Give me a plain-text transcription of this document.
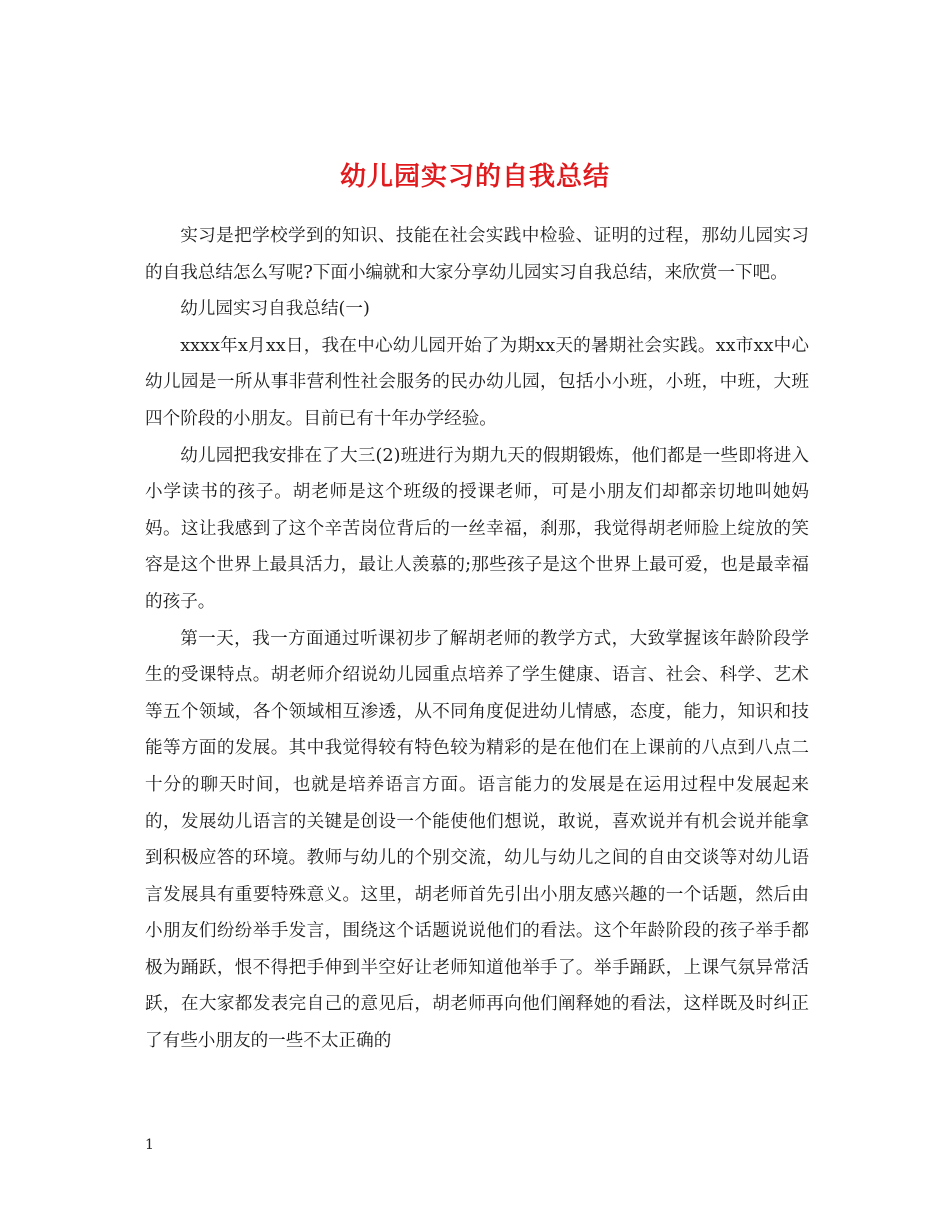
幼儿园实习的自我总结

实习是把学校学到的知识、技能在社会实践中检验、证明的过程，那幼儿园实习的自我总结怎么写呢?下面小编就和大家分享幼儿园实习自我总结，来欣赏一下吧。

幼儿园实习自我总结(一)

xxxx年x月xx日，我在中心幼儿园开始了为期xx天的暑期社会实践。xx市xx中心幼儿园是一所从事非营利性社会服务的民办幼儿园，包括小小班，小班，中班，大班四个阶段的小朋友。目前已有十年办学经验。

幼儿园把我安排在了大三(2)班进行为期九天的假期锻炼，他们都是一些即将进入小学读书的孩子。胡老师是这个班级的授课老师，可是小朋友们却都亲切地叫她妈妈。这让我感到了这个辛苦岗位背后的一丝幸福，刹那，我觉得胡老师脸上绽放的笑容是这个世界上最具活力，最让人羡慕的;那些孩子是这个世界上最可爱，也是最幸福的孩子。

第一天，我一方面通过听课初步了解胡老师的教学方式，大致掌握该年龄阶段学生的受课特点。胡老师介绍说幼儿园重点培养了学生健康、语言、社会、科学、艺术等五个领域，各个领域相互渗透，从不同角度促进幼儿情感，态度，能力，知识和技能等方面的发展。其中我觉得较有特色较为精彩的是在他们在上课前的八点到八点二十分的聊天时间，也就是培养语言方面。语言能力的发展是在运用过程中发展起来的，发展幼儿语言的关键是创设一个能使他们想说，敢说，喜欢说并有机会说并能拿到积极应答的环境。教师与幼儿的个别交流，幼儿与幼儿之间的自由交谈等对幼儿语言发展具有重要特殊意义。这里，胡老师首先引出小朋友感兴趣的一个话题，然后由小朋友们纷纷举手发言，围绕这个话题说说他们的看法。这个年龄阶段的孩子举手都极为踊跃，恨不得把手伸到半空好让老师知道他举手了。举手踊跃，上课气氛异常活跃，在大家都发表完自己的意见后，胡老师再向他们阐释她的看法，这样既及时纠正了有些小朋友的一些不太正确的

1
